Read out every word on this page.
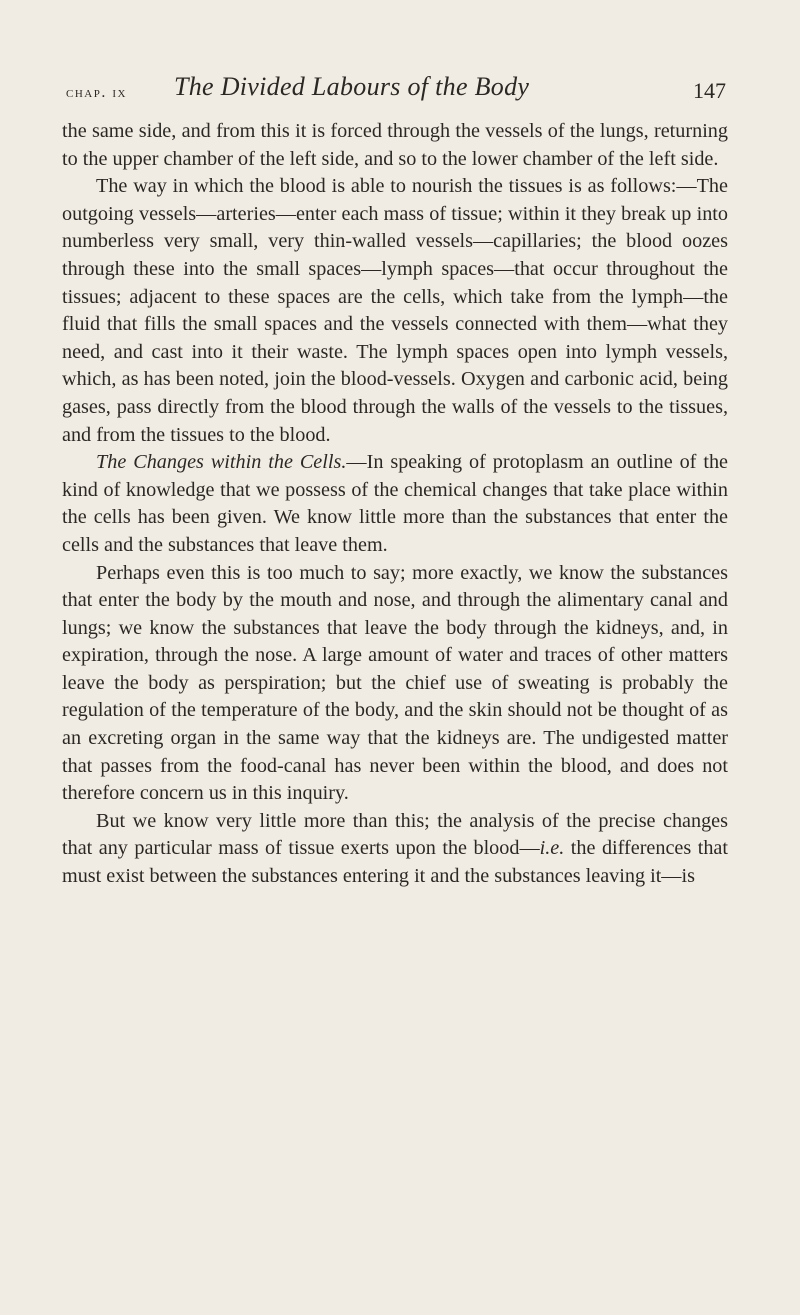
chap. ix The Divided Labours of the Body	147

the same side, and from this it is forced through the vessels of the lungs, returning to the upper chamber of the left side, and so to the lower chamber of the left side.

The way in which the blood is able to nourish the tissues is as follows:—The outgoing vessels—arteries—enter each mass of tissue; within it they break up into numberless very small, very thin-walled vessels—capillaries; the blood oozes through these into the small spaces—lymph spaces—that occur throughout the tissues; adjacent to these spaces are the cells, which take from the lymph—the fluid that fills the small spaces and the vessels connected with them—what they need, and cast into it their waste. The lymph spaces open into lymph vessels, which, as has been noted, join the blood-vessels. Oxygen and carbonic acid, being gases, pass directly from the blood through the walls of the vessels to the tissues, and from the tissues to the blood.

The Changes within the Cells.—In speaking of protoplasm an outline of the kind of knowledge that we possess of the chemical changes that take place within the cells has been given. We know little more than the substances that enter the cells and the substances that leave them.

Perhaps even this is too much to say; more exactly, we know the substances that enter the body by the mouth and nose, and through the alimentary canal and lungs; we know the substances that leave the body through the kidneys, and, in expiration, through the nose. A large amount of water and traces of other matters leave the body as perspiration; but the chief use of sweating is probably the regulation of the temperature of the body, and the skin should not be thought of as an excreting organ in the same way that the kidneys are. The undigested matter that passes from the food-canal has never been within the blood, and does not therefore concern us in this inquiry.

But we know very little more than this; the analysis of the precise changes that any particular mass of tissue exerts upon the blood—i.e. the differences that must exist between the substances entering it and the substances leaving it—is
